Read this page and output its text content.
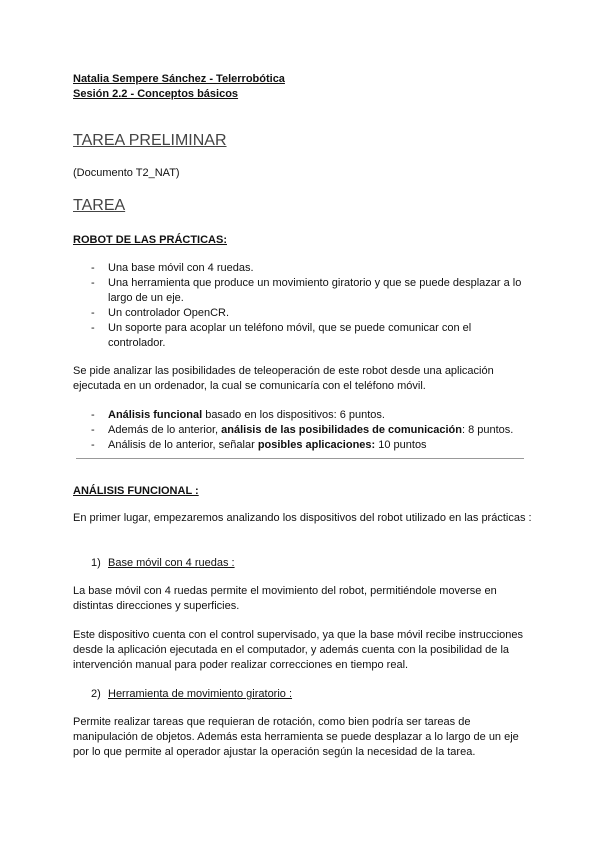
Natalia Sempere Sánchez - Telerrobótica
Sesión 2.2 - Conceptos básicos
TAREA PRELIMINAR
(Documento T2_NAT)
TAREA
ROBOT DE LAS PRÁCTICAS:
- Una base móvil con 4 ruedas.
- Una herramienta que produce un movimiento giratorio y que se puede desplazar a lo largo de un eje.
- Un controlador OpenCR.
- Un soporte para acoplar un teléfono móvil, que se puede comunicar con el controlador.
Se pide analizar las posibilidades de teleoperación de este robot desde una aplicación ejecutada en un ordenador, la cual se comunicaría con el teléfono móvil.
- Análisis funcional basado en los dispositivos: 6 puntos.
- Además de lo anterior, análisis de las posibilidades de comunicación: 8 puntos.
- Análisis de lo anterior, señalar posibles aplicaciones: 10 puntos
ANÁLISIS FUNCIONAL :
En primer lugar, empezaremos analizando los dispositivos del robot utilizado en las prácticas :
1) Base móvil con 4 ruedas :
La base móvil con 4 ruedas permite el movimiento del robot, permitiéndole moverse en distintas direcciones y superficies.
Este dispositivo cuenta con el control supervisado, ya que la base móvil recibe instrucciones desde la aplicación ejecutada en el computador, y además cuenta con la posibilidad de la intervención manual para poder realizar correcciones en tiempo real.
2) Herramienta de movimiento giratorio :
Permite realizar tareas que requieran de rotación, como bien podría ser tareas de manipulación de objetos. Además esta herramienta se puede desplazar a lo largo de un eje por lo que permite al operador ajustar la operación según la necesidad de la tarea.
